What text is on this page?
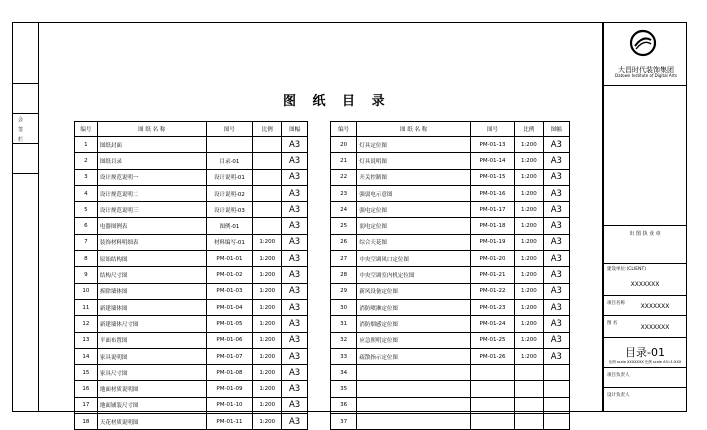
会
签
栏
图 纸 目 录
编号	图 纸 名 称	图号	比例	图幅
1	图纸封面			A3
2	图纸目录	目录-01		A3
3	设计规范说明一	设计说明-01		A3
4	设计规范说明二	设计说明-02		A3
5	设计规范说明三	设计说明-03		A3
6	电器图例表	图例-01		A3
7	装饰材料明细表	材料编写-01	1:200	A3
8	原始结构图	PM-01-01	1:200	A3
9	结构尺寸图	PM-01-02	1:200	A3
10	拆除墙体图	PM-01-03	1:200	A3
11	新建墙体图	PM-01-04	1:200	A3
12	新建墙体尺寸图	PM-01-05	1:200	A3
13	平面布置图	PM-01-06	1:200	A3
14	家具说明图	PM-01-07	1:200	A3
15	家具尺寸图	PM-01-08	1:200	A3
16	地面材质说明图	PM-01-09	1:200	A3
17	地面铺装尺寸图	PM-01-10	1:200	A3
18	天花材质说明图	PM-01-11	1:200	A3
编号	图 纸 名 称	图号	比例	图幅
20	灯具定位图	PM-01-13	1:200	A3
21	灯具说明图	PM-01-14	1:200	A3
22	开关控制图	PM-01-15	1:200	A3
23	强弱电示意图	PM-01-16	1:200	A3
24	强电定位图	PM-01-17	1:200	A3
25	弱电定位图	PM-01-18	1:200	A3
26	综合天花图	PM-01-19	1:200	A3
27	中央空调风口定位图	PM-01-20	1:200	A3
28	中央空调室内机定位图	PM-01-21	1:200	A3
29	新风设备定位图	PM-01-22	1:200	A3
30	消防喷淋定位图	PM-01-23	1:200	A3
31	消防烟感定位图	PM-01-24	1:200	A3
32	应急照明定位图	PM-01-25	1:200	A3
33	疏散指示定位图	PM-01-26	1:200	A3
34				
35				
36				
37				
大昌时代装饰集团
Datown Institute of Digital Arts
出 图 执 业 章
建设单位:(CLIENT)
XXXXXXX
项目名称	XXXXXXX
图 名
XXXXXXX
目录-01
比例 scale XXXXXXX 比例 scale A3=1:XXX
项目负责人
设计负责人
